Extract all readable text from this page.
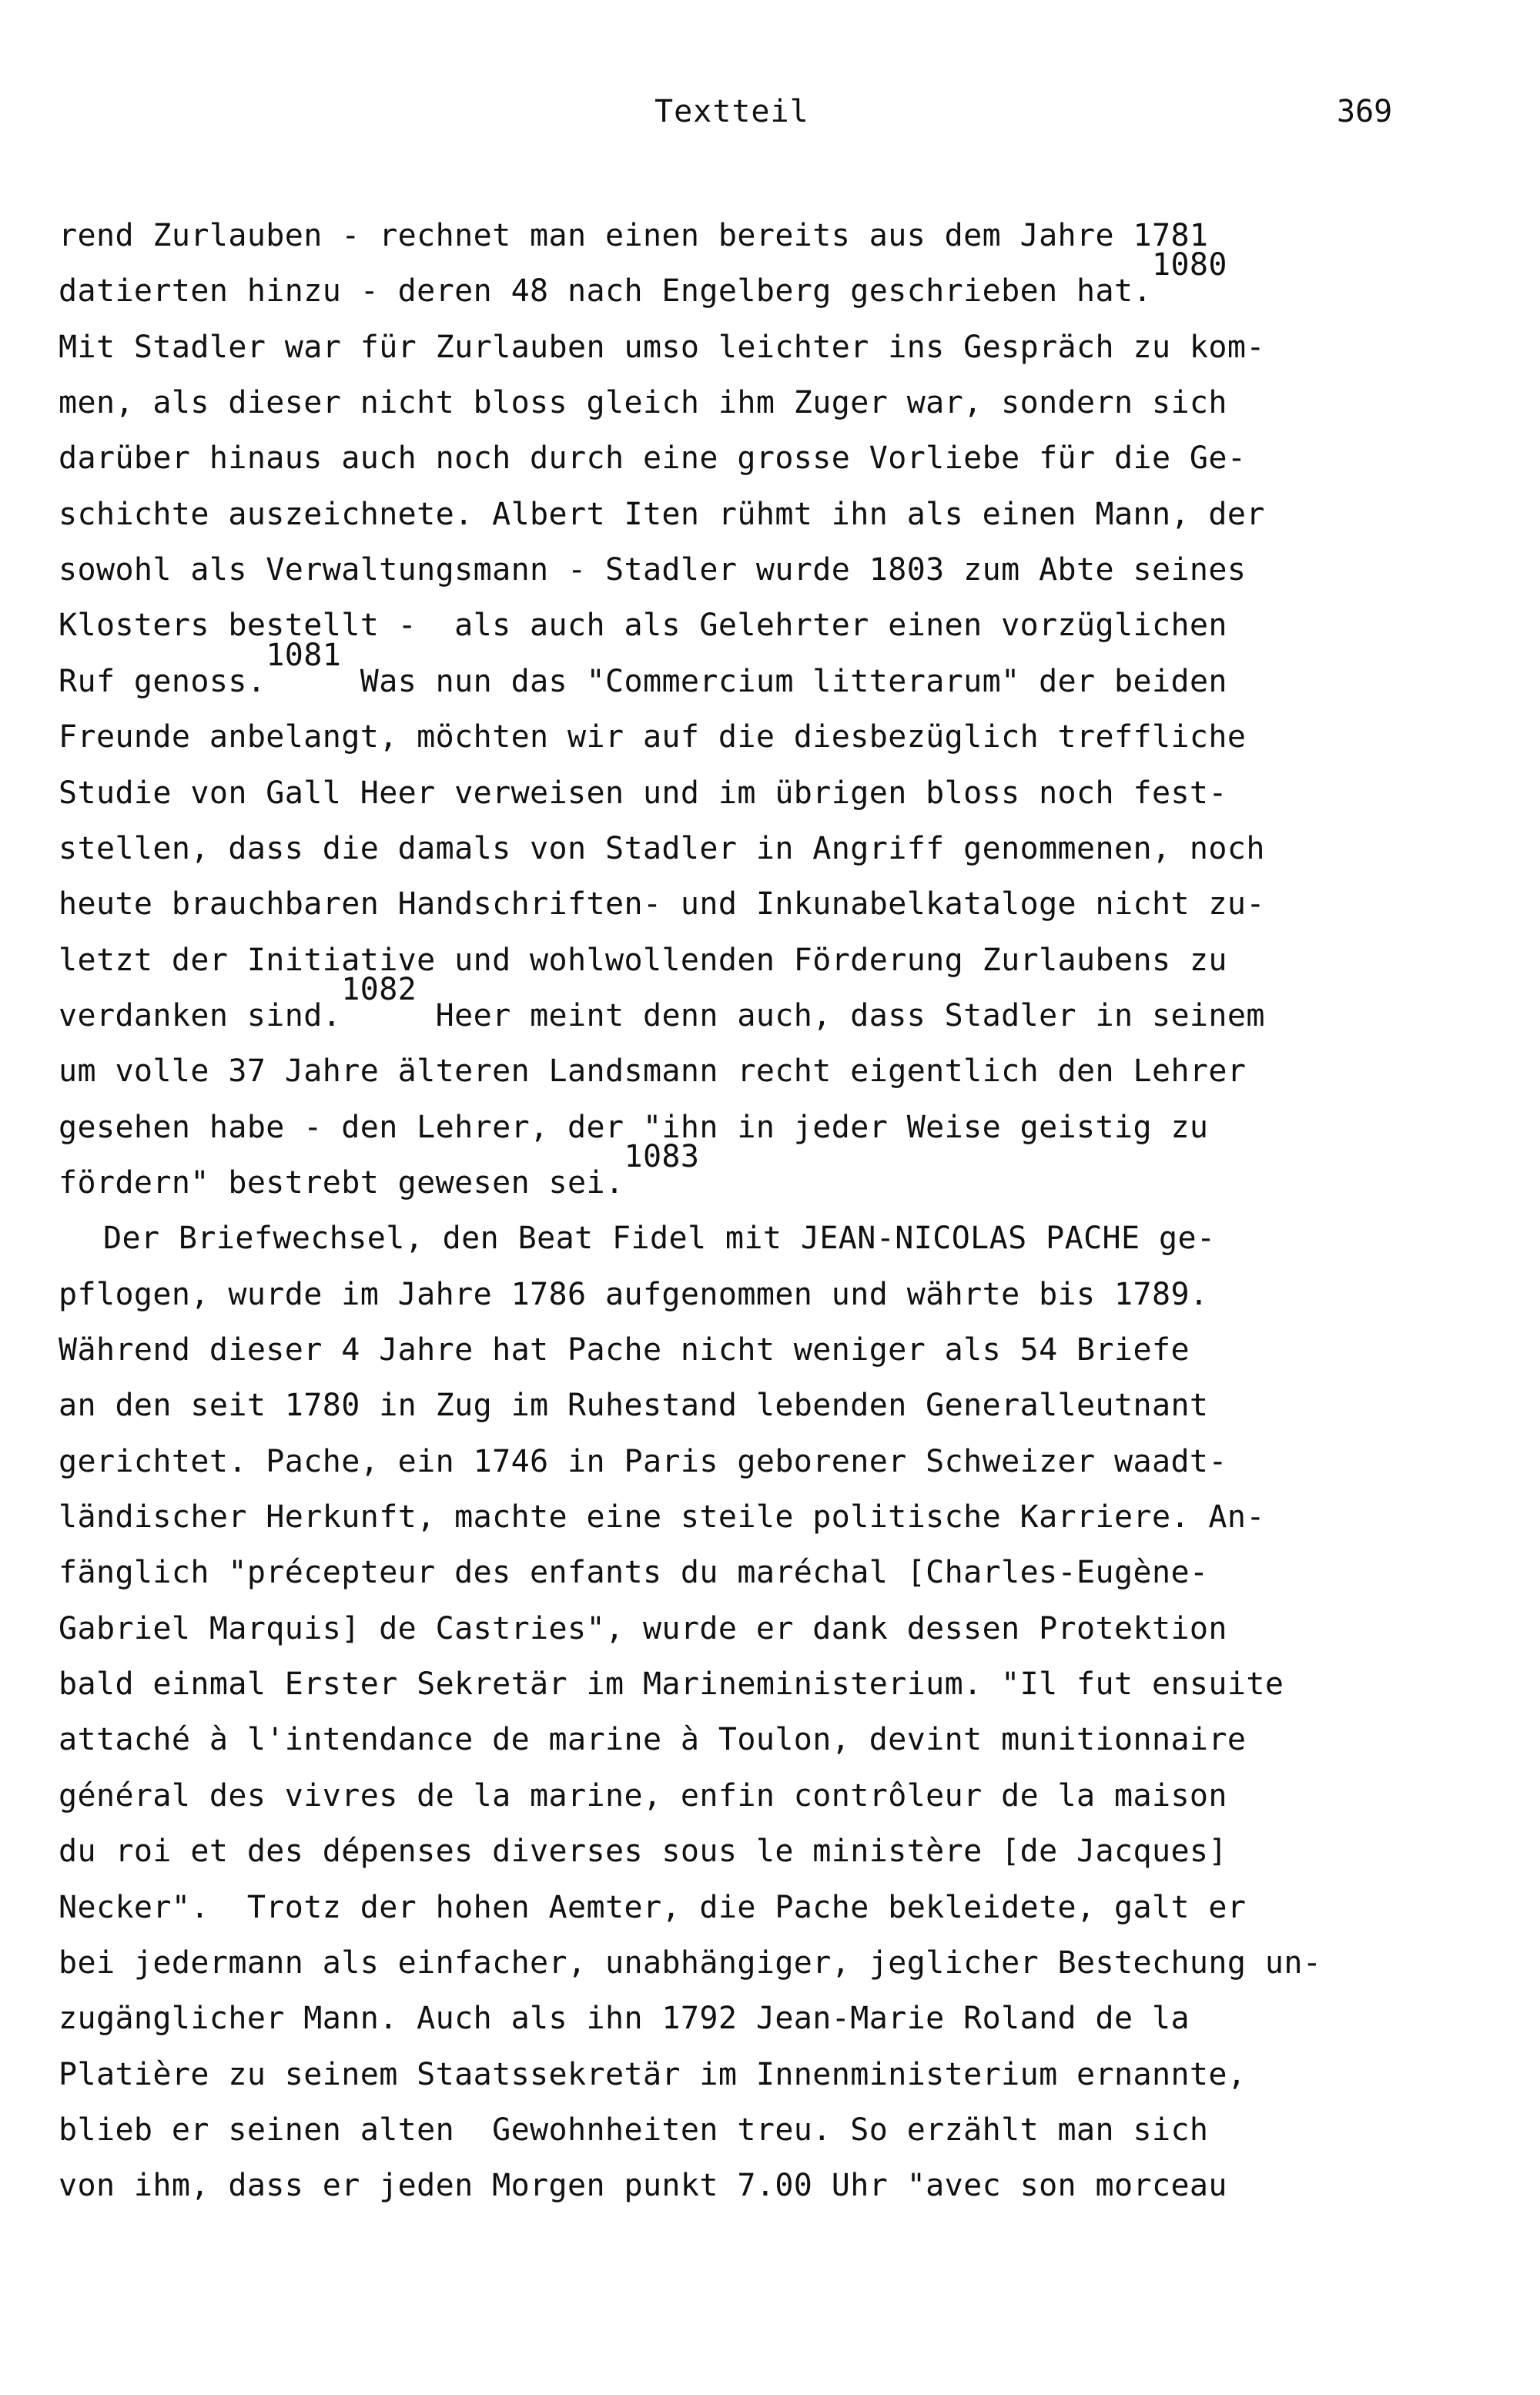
Textteil	369
rend Zurlauben - rechnet man einen bereits aus dem Jahre 1781
datierten hinzu - deren 48 nach Engelberg geschrieben hat.1080
Mit Stadler war für Zurlauben umso leichter ins Gespräch zu kom-
men, als dieser nicht bloss gleich ihm Zuger war, sondern sich
darüber hinaus auch noch durch eine grosse Vorliebe für die Ge-
schichte auszeichnete. Albert Iten rühmt ihn als einen Mann, der
sowohl als Verwaltungsmann - Stadler wurde 1803 zum Abte seines
Klosters bestellt -  als auch als Gelehrter einen vorzüglichen
Ruf genoss.1081 Was nun das "Commercium litterarum" der beiden
Freunde anbelangt, möchten wir auf die diesbezüglich treffliche
Studie von Gall Heer verweisen und im übrigen bloss noch fest-
stellen, dass die damals von Stadler in Angriff genommenen, noch
heute brauchbaren Handschriften- und Inkunabelkataloge nicht zu-
letzt der Initiative und wohlwollenden Förderung Zurlaubens zu
verdanken sind.1082 Heer meint denn auch, dass Stadler in seinem
um volle 37 Jahre älteren Landsmann recht eigentlich den Lehrer
gesehen habe - den Lehrer, der "ihn in jeder Weise geistig zu
fördern" bestrebt gewesen sei.1083
Der Briefwechsel, den Beat Fidel mit JEAN-NICOLAS PACHE ge-
pflogen, wurde im Jahre 1786 aufgenommen und währte bis 1789.
Während dieser 4 Jahre hat Pache nicht weniger als 54 Briefe
an den seit 1780 in Zug im Ruhestand lebenden Generalleutnant
gerichtet. Pache, ein 1746 in Paris geborener Schweizer waadt-
ländischer Herkunft, machte eine steile politische Karriere. An-
fänglich "précepteur des enfants du maréchal [Charles-Eugène-
Gabriel Marquis] de Castries", wurde er dank dessen Protektion
bald einmal Erster Sekretär im Marineministerium. "Il fut ensuite
attaché à l'intendance de marine à Toulon, devint munitionnaire
général des vivres de la marine, enfin contrôleur de la maison
du roi et des dépenses diverses sous le ministère [de Jacques]
Necker".  Trotz der hohen Aemter, die Pache bekleidete, galt er
bei jedermann als einfacher, unabhängiger, jeglicher Bestechung un-
zugänglicher Mann. Auch als ihn 1792 Jean-Marie Roland de la
Platière zu seinem Staatssekretär im Innenministerium ernannte,
blieb er seinen alten  Gewohnheiten treu. So erzählt man sich
von ihm, dass er jeden Morgen punkt 7.00 Uhr "avec son morceau
